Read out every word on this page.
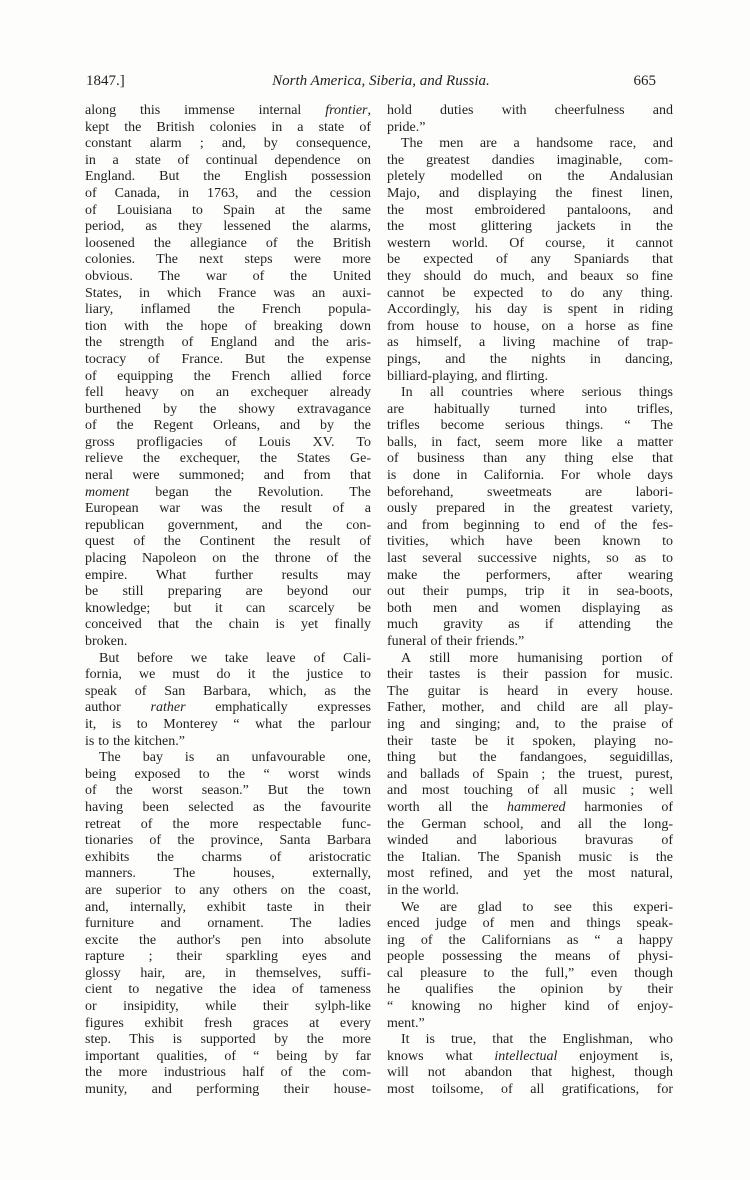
1847.]	North America, Siberia, and Russia.	665
along this immense internal frontier,
kept the British colonies in a state of
constant alarm ; and, by consequence,
in a state of continual dependence on
England. But the English possession
of Canada, in 1763, and the cession
of Louisiana to Spain at the same
period, as they lessened the alarms,
loosened the allegiance of the British
colonies. The next steps were more
obvious. The war of the United
States, in which France was an auxi-
liary, inflamed the French popula-
tion with the hope of breaking down
the strength of England and the aris-
tocracy of France. But the expense
of equipping the French allied force
fell heavy on an exchequer already
burthened by the showy extravagance
of the Regent Orleans, and by the
gross profligacies of Louis XV. To
relieve the exchequer, the States Ge-
neral were summoned; and from that
moment began the Revolution. The
European war was the result of a
republican government, and the con-
quest of the Continent the result of
placing Napoleon on the throne of the
empire. What further results may
be still preparing are beyond our
knowledge; but it can scarcely be
conceived that the chain is yet finally
broken.
But before we take leave of Cali-
fornia, we must do it the justice to
speak of San Barbara, which, as the
author rather emphatically expresses
it, is to Monterey “ what the parlour
is to the kitchen.”
The bay is an unfavourable one,
being exposed to the “ worst winds
of the worst season.” But the town
having been selected as the favourite
retreat of the more respectable func-
tionaries of the province, Santa Barbara
exhibits the charms of aristocratic
manners. The houses, externally,
are superior to any others on the coast,
and, internally, exhibit taste in their
furniture and ornament. The ladies
excite the author's pen into absolute
rapture ; their sparkling eyes and
glossy hair, are, in themselves, suffi-
cient to negative the idea of tameness
or insipidity, while their sylph-like
figures exhibit fresh graces at every
step. This is supported by the more
important qualities, of “ being by far
the more industrious half of the com-
munity, and performing their house-
hold duties with cheerfulness and
pride.”
The men are a handsome race, and
the greatest dandies imaginable, com-
pletely modelled on the Andalusian
Majo, and displaying the finest linen,
the most embroidered pantaloons, and
the most glittering jackets in the
western world. Of course, it cannot
be expected of any Spaniards that
they should do much, and beaux so fine
cannot be expected to do any thing.
Accordingly, his day is spent in riding
from house to house, on a horse as fine
as himself, a living machine of trap-
pings, and the nights in dancing,
billiard-playing, and flirting.
In all countries where serious things
are habitually turned into trifles,
trifles become serious things. “ The
balls, in fact, seem more like a matter
of business than any thing else that
is done in California. For whole days
beforehand, sweetmeats are labori-
ously prepared in the greatest variety,
and from beginning to end of the fes-
tivities, which have been known to
last several successive nights, so as to
make the performers, after wearing
out their pumps, trip it in sea-boots,
both men and women displaying as
much gravity as if attending the
funeral of their friends.”
A still more humanising portion of
their tastes is their passion for music.
The guitar is heard in every house.
Father, mother, and child are all play-
ing and singing; and, to the praise of
their taste be it spoken, playing no-
thing but the fandangoes, seguidillas,
and ballads of Spain ; the truest, purest,
and most touching of all music ; well
worth all the hammered harmonies of
the German school, and all the long-
winded and laborious bravuras of
the Italian. The Spanish music is the
most refined, and yet the most natural,
in the world.
We are glad to see this experi-
enced judge of men and things speak-
ing of the Californians as “ a happy
people possessing the means of physi-
cal pleasure to the full,” even though
he qualifies the opinion by their
“ knowing no higher kind of enjoy-
ment.”
It is true, that the Englishman, who
knows what intellectual enjoyment is,
will not abandon that highest, though
most toilsome, of all gratifications, for
